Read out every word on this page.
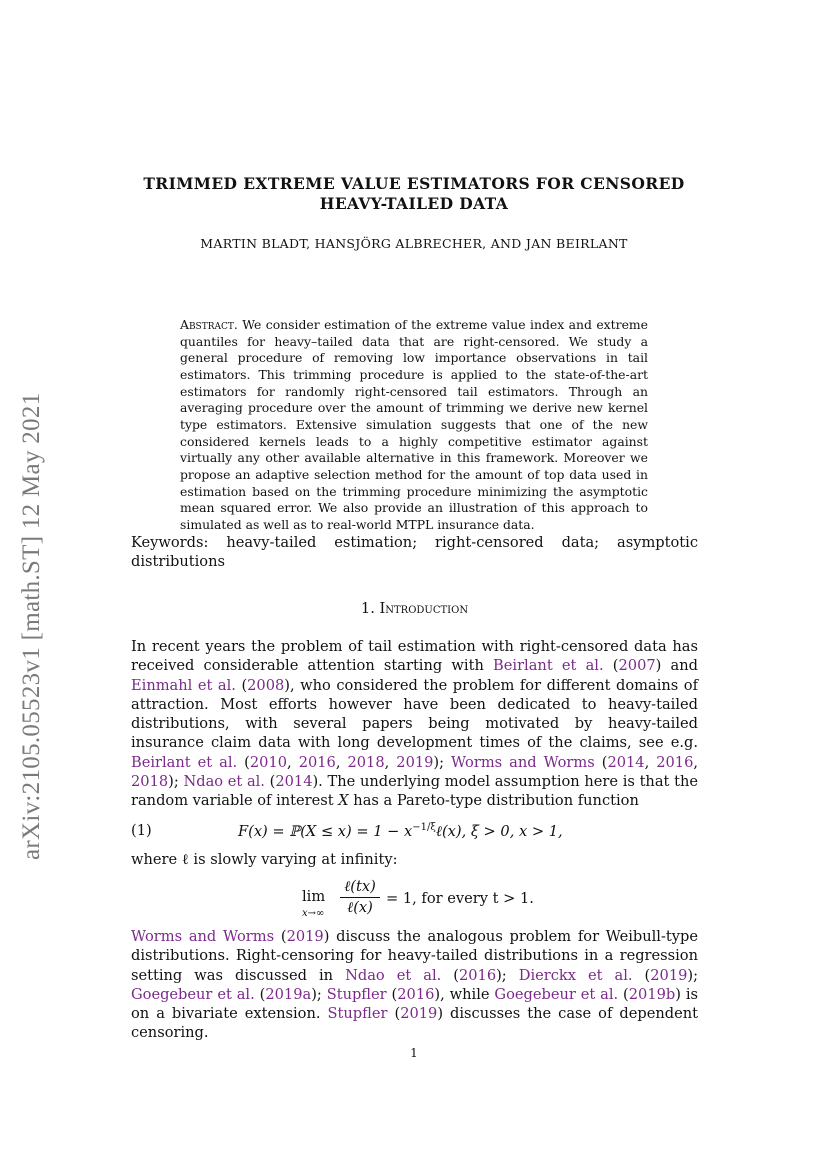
arXiv:2105.05523v1 [math.ST] 12 May 2021
TRIMMED EXTREME VALUE ESTIMATORS FOR CENSORED
HEAVY-TAILED DATA
MARTIN BLADT, HANSJÖRG ALBRECHER, AND JAN BEIRLANT
Abstract. We consider estimation of the extreme value index and extreme quantiles for heavy–tailed data that are right-censored. We study a general procedure of removing low importance observations in tail estimators. This trimming procedure is applied to the state-of-the-art estimators for randomly right-censored tail estimators. Through an averaging procedure over the amount of trimming we derive new kernel type estimators. Extensive simulation suggests that one of the new considered kernels leads to a highly competitive estimator against virtually any other available alternative in this framework. Moreover we propose an adaptive selection method for the amount of top data used in estimation based on the trimming procedure minimizing the asymptotic mean squared error. We also provide an illustration of this approach to simulated as well as to real-world MTPL insurance data.
Keywords: heavy-tailed estimation; right-censored data; asymptotic distributions
1. Introduction
In recent years the problem of tail estimation with right-censored data has received considerable attention starting with Beirlant et al. (2007) and Einmahl et al. (2008), who considered the problem for different domains of attraction. Most efforts however have been dedicated to heavy-tailed distributions, with several papers being motivated by heavy-tailed insurance claim data with long development times of the claims, see e.g. Beirlant et al. (2010, 2016, 2018, 2019); Worms and Worms (2014, 2016, 2018); Ndao et al. (2014). The underlying model assumption here is that the random variable of interest X has a Pareto-type distribution function
(1)	F(x) = ℙ(X ≤ $x) = 1 - x^{-1/\xi}\ell(x)$, ξ > 0, x > 1,
where ℓ is slowly varying at infinity:
lim
x→∞
ℓ(tx)
ℓ(x)
= 1, for every t > 1.
Worms and Worms (2019) discuss the analogous problem for Weibull-type distributions. Right-censoring for heavy-tailed distributions in a regression setting was discussed in Ndao et al. (2016); Dierckx et al. (2019); Goegebeur et al. (2019a); Stupfler (2016), while Goegebeur et al. (2019b) is on a bivariate extension. Stupfler (2019) discusses the case of dependent censoring.
1
